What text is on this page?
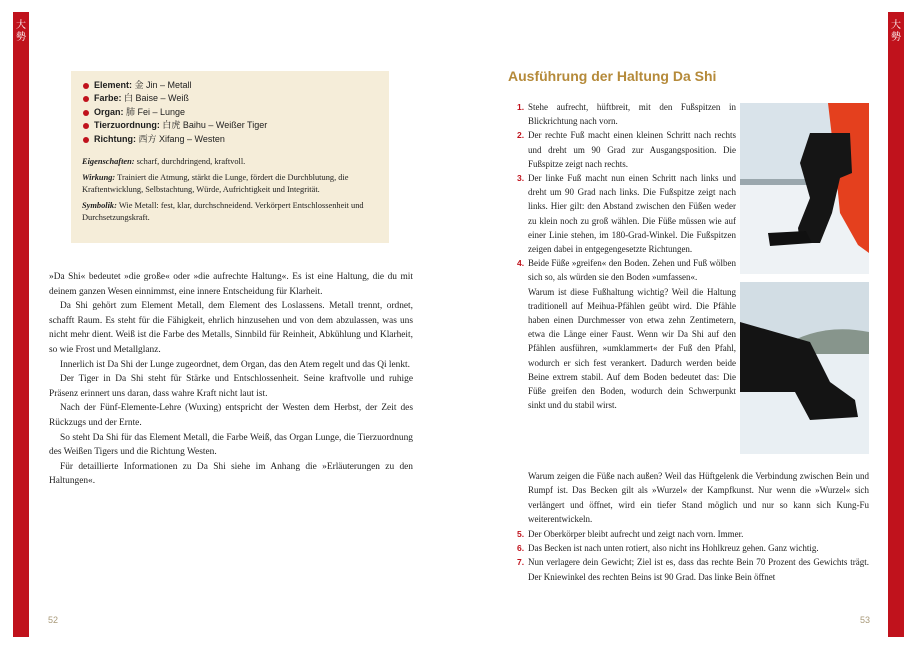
大勢
大勢
Element: 金 Jin – Metall
Farbe: 白 Baise – Weiß
Organ: 肺 Fei – Lunge
Tierzuordnung: 白虎 Baihu – Weißer Tiger
Richtung: 西方 Xifang – Westen

Eigenschaften: scharf, durchdringend, kraftvoll.

Wirkung: Trainiert die Atmung, stärkt die Lunge, fördert die Durchblutung, die Kraftentwicklung, Selbstachtung, Würde, Aufrichtigkeit und Integrität.

Symbolik: Wie Metall: fest, klar, durchschneidend. Verkörpert Entschlossenheit und Durchsetzungskraft.

»Da Shi« bedeutet »die große« oder »die aufrechte Haltung«. Es ist eine Haltung, die du mit deinem ganzen Wesen einnimmst, eine innere Entscheidung für Klarheit.

Da Shi gehört zum Element Metall, dem Element des Loslassens. Metall trennt, ordnet, schafft Raum. Es steht für die Fähigkeit, ehrlich hinzusehen und von dem abzulassen, was uns nicht mehr dient. Weiß ist die Farbe des Metalls, Sinnbild für Reinheit, Abkühlung und Klarheit, so wie Frost und Metallglanz.

Innerlich ist Da Shi der Lunge zugeordnet, dem Organ, das den Atem regelt und das Qi lenkt.

Der Tiger in Da Shi steht für Stärke und Entschlossenheit. Seine kraftvolle und ruhige Präsenz erinnert uns daran, dass wahre Kraft nicht laut ist.

Nach der Fünf-Elemente-Lehre (Wuxing) entspricht der Westen dem Herbst, der Zeit des Rückzugs und der Ernte.

So steht Da Shi für das Element Metall, die Farbe Weiß, das Organ Lunge, die Tierzuordnung des Weißen Tigers und die Richtung Westen.

Für detaillierte Informationen zu Da Shi siehe im Anhang die »Erläuterungen zu den Haltungen«.

52
Ausführung der Haltung Da Shi
1. Stehe aufrecht, hüftbreit, mit den Fußspitzen in Blickrichtung nach vorn.
2. Der rechte Fuß macht einen kleinen Schritt nach rechts und dreht um 90 Grad zur Ausgangsposition. Die Fußspitze zeigt nach rechts.
3. Der linke Fuß macht nun einen Schritt nach links und dreht um 90 Grad nach links. Die Fußspitze zeigt nach links. Hier gilt: den Abstand zwischen den Füßen weder zu klein noch zu groß wählen. Die Füße müssen wie auf einer Linie stehen, im 180-Grad-Winkel. Die Fußspitzen zeigen dabei in entgegengesetzte Richtungen.
4. Beide Füße »greifen« den Boden. Zehen und Fuß wölben sich so, als würden sie den Boden »umfassen«.

Warum ist diese Fußhaltung wichtig? Weil die Haltung traditionell auf Meihua-Pfählen geübt wird. Die Pfähle haben einen Durchmesser von etwa zehn Zentimetern, etwa die Länge einer Faust. Wenn wir Da Shi auf den Pfählen ausführen, »umklammert« der Fuß den Pfahl, wodurch er sich fest verankert. Dadurch werden beide Beine extrem stabil. Auf dem Boden bedeutet das: Die Füße greifen den Boden, wodurch dein Schwerpunkt sinkt und du stabil wirst.

Warum zeigen die Füße nach außen? Weil das Hüftgelenk die Verbindung zwischen Bein und Rumpf ist. Das Becken gilt als »Wurzel« der Kampfkunst. Nur wenn die »Wurzel« sich verlängert und öffnet, wird ein tiefer Stand möglich und nur so kann sich Kung-Fu weiterentwickeln.

5. Der Oberkörper bleibt aufrecht und zeigt nach vorn. Immer.
6. Das Becken ist nach unten rotiert, also nicht ins Hohlkreuz gehen. Ganz wichtig.
7. Nun verlagere dein Gewicht; Ziel ist es, dass das rechte Bein 70 Prozent des Gewichts trägt. Der Kniewinkel des rechten Beins ist 90 Grad. Das linke Bein öffnet
53
